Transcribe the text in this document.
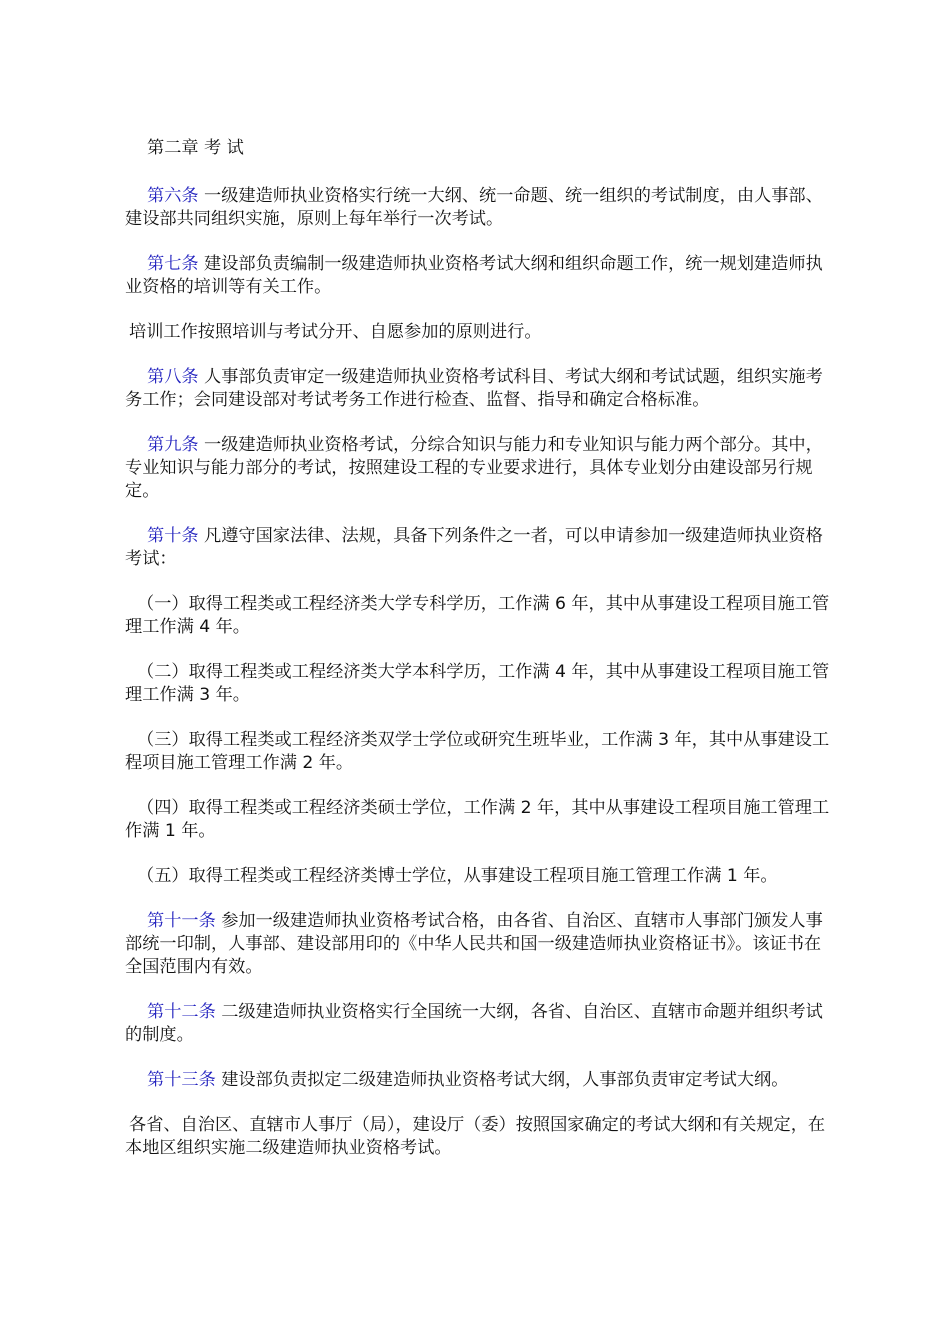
第二章 考 试

第六条 一级建造师执业资格实行统一大纲、统一命题、统一组织的考试制度，由人事部、建设部共同组织实施，原则上每年举行一次考试。

第七条 建设部负责编制一级建造师执业资格考试大纲和组织命题工作，统一规划建造师执业资格的培训等有关工作。

培训工作按照培训与考试分开、自愿参加的原则进行。

第八条 人事部负责审定一级建造师执业资格考试科目、考试大纲和考试试题，组织实施考务工作；会同建设部对考试考务工作进行检查、监督、指导和确定合格标准。

第九条 一级建造师执业资格考试，分综合知识与能力和专业知识与能力两个部分。其中，专业知识与能力部分的考试，按照建设工程的专业要求进行，具体专业划分由建设部另行规定。

第十条 凡遵守国家法律、法规，具备下列条件之一者，可以申请参加一级建造师执业资格考试：

（一）取得工程类或工程经济类大学专科学历，工作满 6 年，其中从事建设工程项目施工管理工作满 4 年。

（二）取得工程类或工程经济类大学本科学历，工作满 4 年，其中从事建设工程项目施工管理工作满 3 年。

（三）取得工程类或工程经济类双学士学位或研究生班毕业，工作满 3 年，其中从事建设工程项目施工管理工作满 2 年。

（四）取得工程类或工程经济类硕士学位，工作满 2 年，其中从事建设工程项目施工管理工作满 1 年。

（五）取得工程类或工程经济类博士学位，从事建设工程项目施工管理工作满 1 年。

第十一条 参加一级建造师执业资格考试合格，由各省、自治区、直辖市人事部门颁发人事部统一印制，人事部、建设部用印的《中华人民共和国一级建造师执业资格证书》。该证书在全国范围内有效。

第十二条 二级建造师执业资格实行全国统一大纲，各省、自治区、直辖市命题并组织考试的制度。

第十三条 建设部负责拟定二级建造师执业资格考试大纲，人事部负责审定考试大纲。

各省、自治区、直辖市人事厅（局），建设厅（委）按照国家确定的考试大纲和有关规定，在本地区组织实施二级建造师执业资格考试。
